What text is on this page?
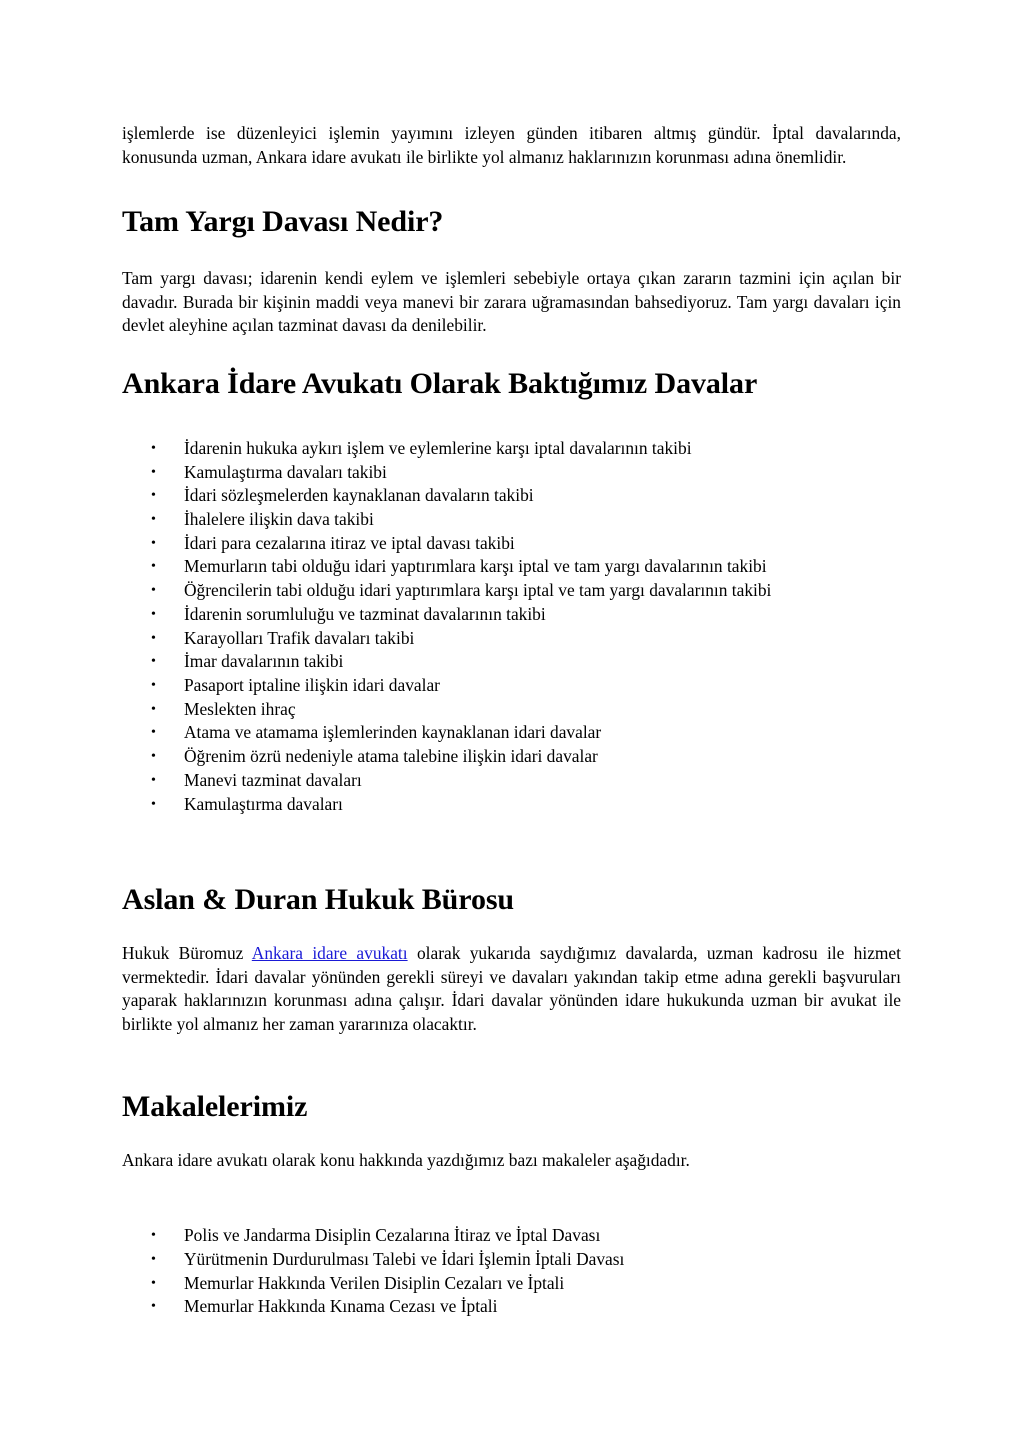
işlemlerde ise düzenleyici işlemin yayımını izleyen günden itibaren altmış gündür. İptal davalarında, konusunda uzman, Ankara idare avukatı ile birlikte yol almanız haklarınızın korunması adına önemlidir.

Tam Yargı Davası Nedir?

Tam yargı davası; idarenin kendi eylem ve işlemleri sebebiyle ortaya çıkan zararın tazmini için açılan bir davadır. Burada bir kişinin maddi veya manevi bir zarara uğramasından bahsediyoruz. Tam yargı davaları için devlet aleyhine açılan tazminat davası da denilebilir.

Ankara İdare Avukatı Olarak Baktığımız Davalar
• İdarenin hukuka aykırı işlem ve eylemlerine karşı iptal davalarının takibi
• Kamulaştırma davaları takibi
• İdari sözleşmelerden kaynaklanan davaların takibi
• İhalelere ilişkin dava takibi
• İdari para cezalarına itiraz ve iptal davası takibi
• Memurların tabi olduğu idari yaptırımlara karşı iptal ve tam yargı davalarının takibi
• Öğrencilerin tabi olduğu idari yaptırımlara karşı iptal ve tam yargı davalarının takibi
• İdarenin sorumluluğu ve tazminat davalarının takibi
• Karayolları Trafik davaları takibi
• İmar davalarının takibi
• Pasaport iptaline ilişkin idari davalar
• Meslekten ihraç
• Atama ve atamama işlemlerinden kaynaklanan idari davalar
• Öğrenim özrü nedeniyle atama talebine ilişkin idari davalar
• Manevi tazminat davaları
• Kamulaştırma davaları
Aslan & Duran Hukuk Bürosu

Hukuk Büromuz Ankara idare avukatı olarak yukarıda saydığımız davalarda, uzman kadrosu ile hizmet vermektedir. İdari davalar yönünden gerekli süreyi ve davaları yakından takip etme adına gerekli başvuruları yaparak haklarınızın korunması adına çalışır. İdari davalar yönünden idare hukukunda uzman bir avukat ile birlikte yol almanız her zaman yararınıza olacaktır.

Makalelerimiz

Ankara idare avukatı olarak konu hakkında yazdığımız bazı makaleler aşağıdadır.

• Polis ve Jandarma Disiplin Cezalarına İtiraz ve İptal Davası
• Yürütmenin Durdurulması Talebi ve İdari İşlemin İptali Davası
• Memurlar Hakkında Verilen Disiplin Cezaları ve İptali
• Memurlar Hakkında Kınama Cezası ve İptali
